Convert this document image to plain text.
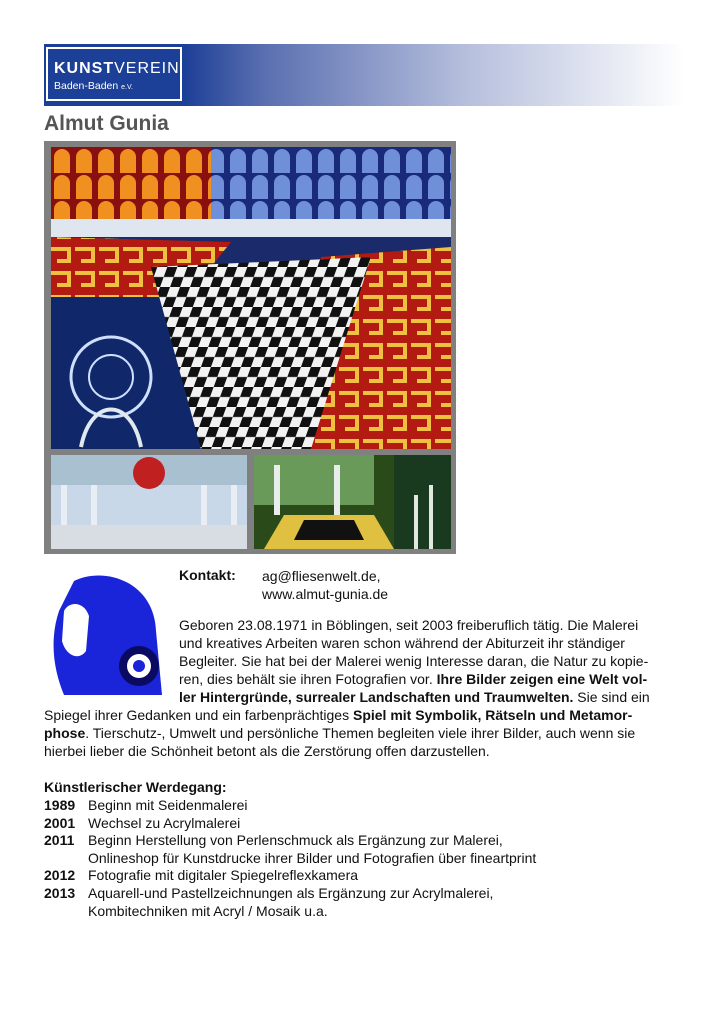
KUNSTVEREIN
Baden-Baden e.V.
Almut Gunia
Kontakt: ag@fliesenwelt.de,
www.almut-gunia.de
Geboren 23.08.1971 in Böblingen, seit 2003 freiberuflich tätig. Die Malerei
und kreatives Arbeiten waren schon während der Abiturzeit ihr ständiger
Begleiter. Sie hat bei der Malerei wenig Interesse daran, die Natur zu kopie-
ren, dies behält sie ihren Fotografien vor. Ihre Bilder zeigen eine Welt vol-
ler Hintergründe, surrealer Landschaften und Traumwelten. Sie sind ein
Spiegel ihrer Gedanken und ein farbenprächtiges Spiel mit Symbolik, Rätseln und Metamor-
phose. Tierschutz-, Umwelt und persönliche Themen begleiten viele ihrer Bilder, auch wenn sie
hierbei lieber die Schönheit betont als die Zerstörung offen darzustellen.
Künstlerischer Werdegang:
1989 Beginn mit Seidenmalerei
2001 Wechsel zu Acrylmalerei
2011 Beginn Herstellung von Perlenschmuck als Ergänzung zur Malerei,
Onlineshop für Kunstdrucke ihrer Bilder und Fotografien über fineartprint
2012 Fotografie mit digitaler Spiegelreflexkamera
2013 Aquarell-und Pastellzeichnungen als Ergänzung zur Acrylmalerei,
Kombitechniken mit Acryl / Mosaik u.a.
